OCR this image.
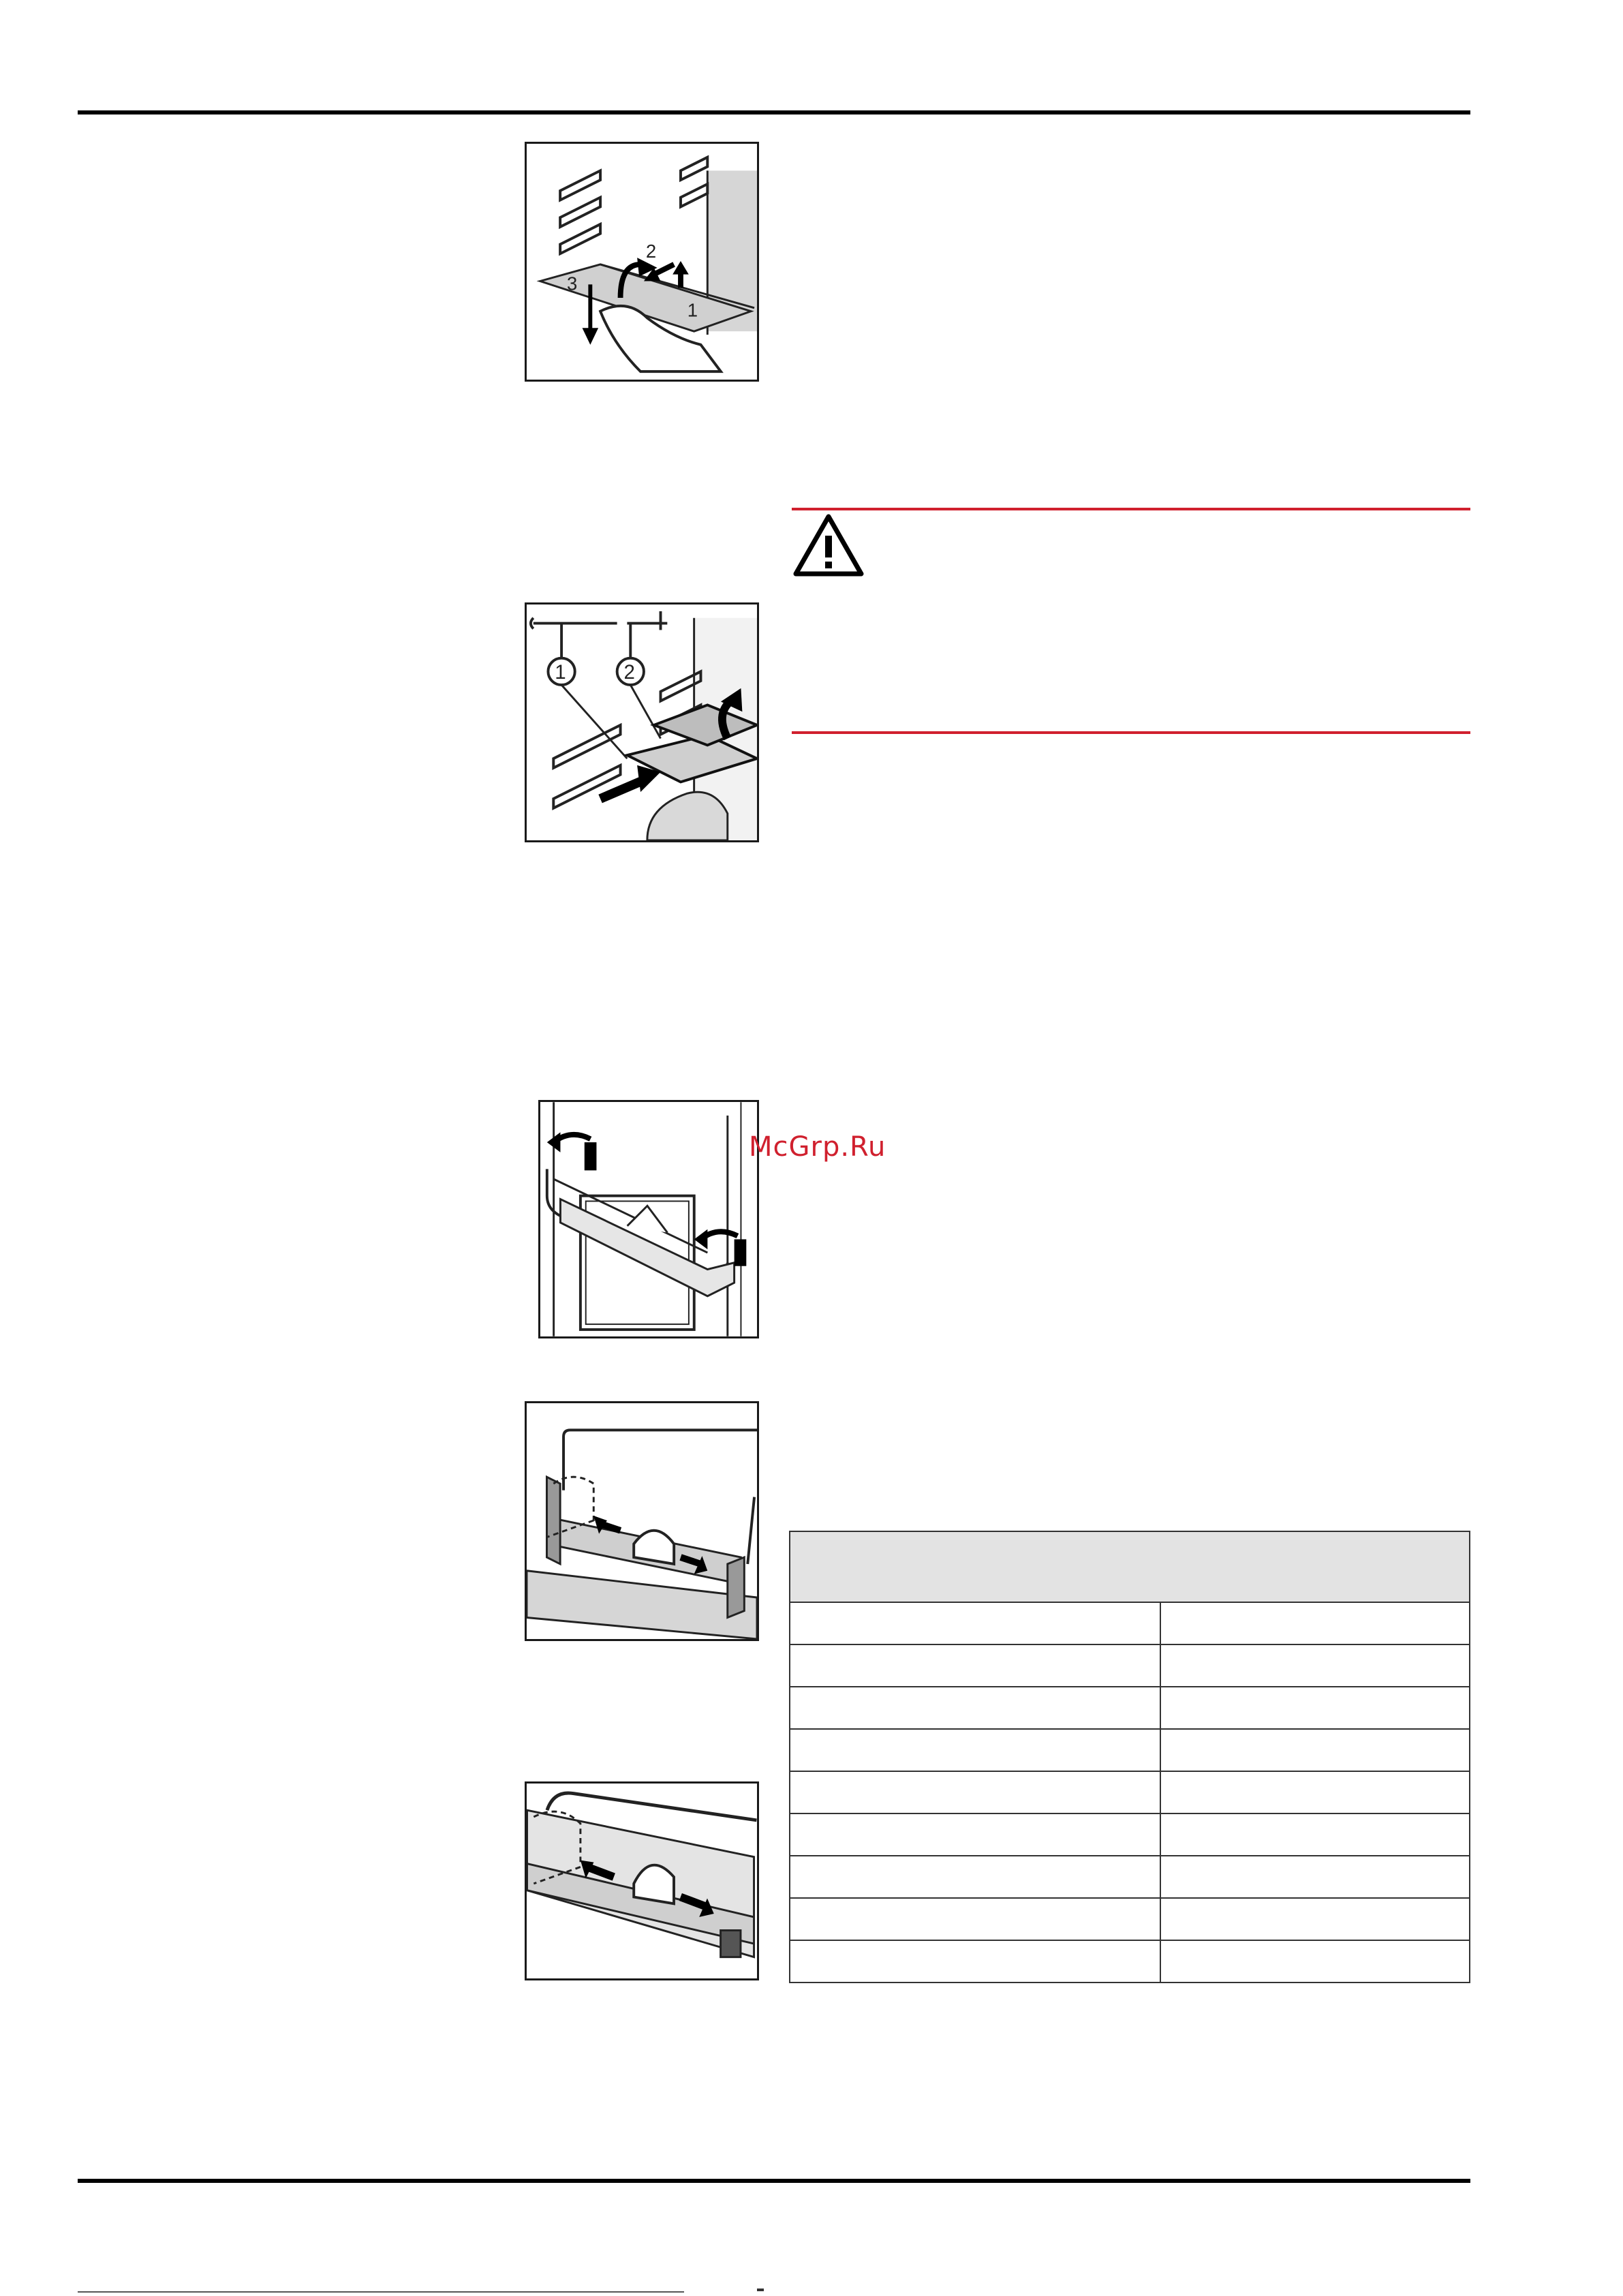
2
3
1
1	2
McGrp.Ru
